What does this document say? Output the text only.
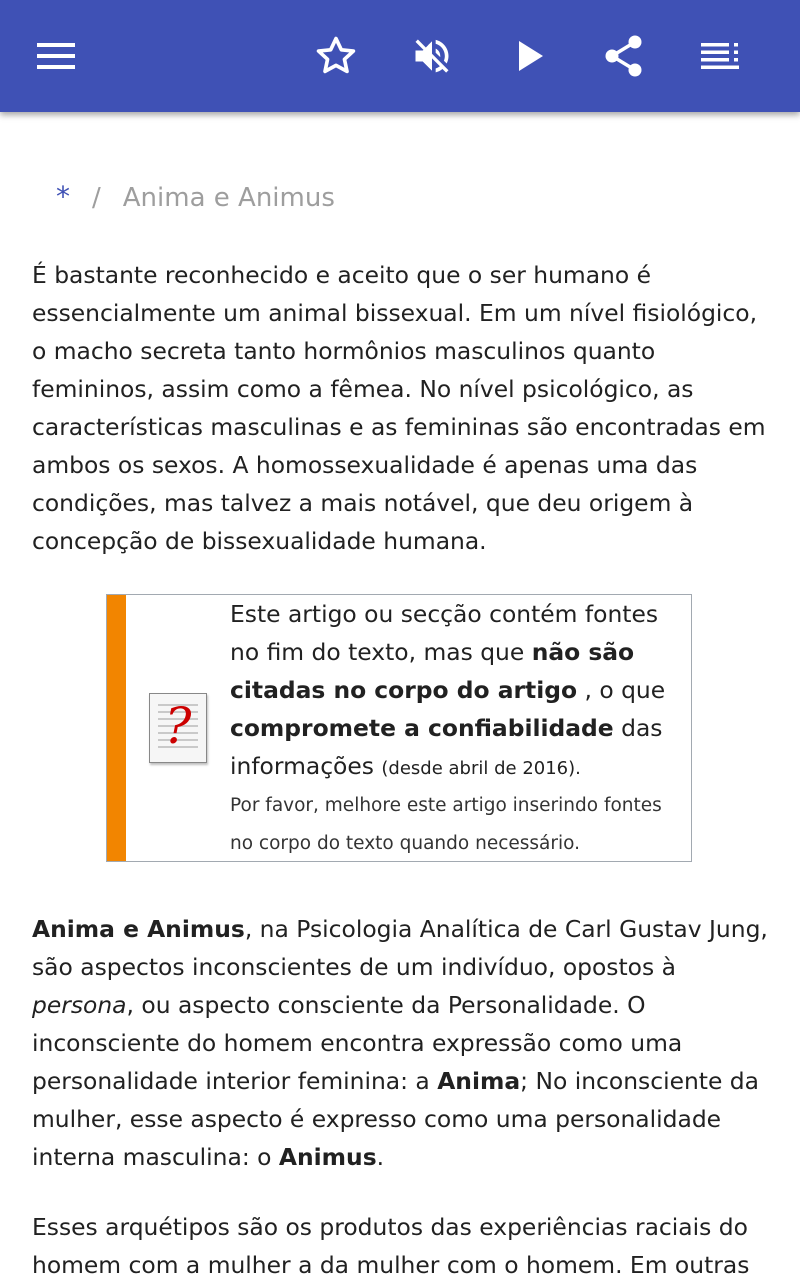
* / Anima e Animus

É bastante reconhecido e aceito que o ser humano é essencialmente um animal bissexual. Em um nível fisiológico, o macho secreta tanto hormônios masculinos quanto femininos, assim como a fêmea. No nível psicológico, as características masculinas e as femininas são encontradas em ambos os sexos. A homossexualidade é apenas uma das condições, mas talvez a mais notável, que deu origem à concepção de bissexualidade humana.

?
Este artigo ou secção contém fontes no fim do texto, mas que não são citadas no corpo do artigo , o que compromete a confiabilidade das informações (desde abril de 2016).
Por favor, melhore este artigo inserindo fontes no corpo do texto quando necessário.

Anima e Animus, na Psicologia Analítica de Carl Gustav Jung, são aspectos inconscientes de um indivíduo, opostos à persona, ou aspecto consciente da Personalidade. O inconsciente do homem encontra expressão como uma personalidade interior feminina: a Anima; No inconsciente da mulher, esse aspecto é expresso como uma personalidade interna masculina: o Animus.

Esses arquétipos são os produtos das experiências raciais do homem com a mulher a da mulher com o homem. Em outras
